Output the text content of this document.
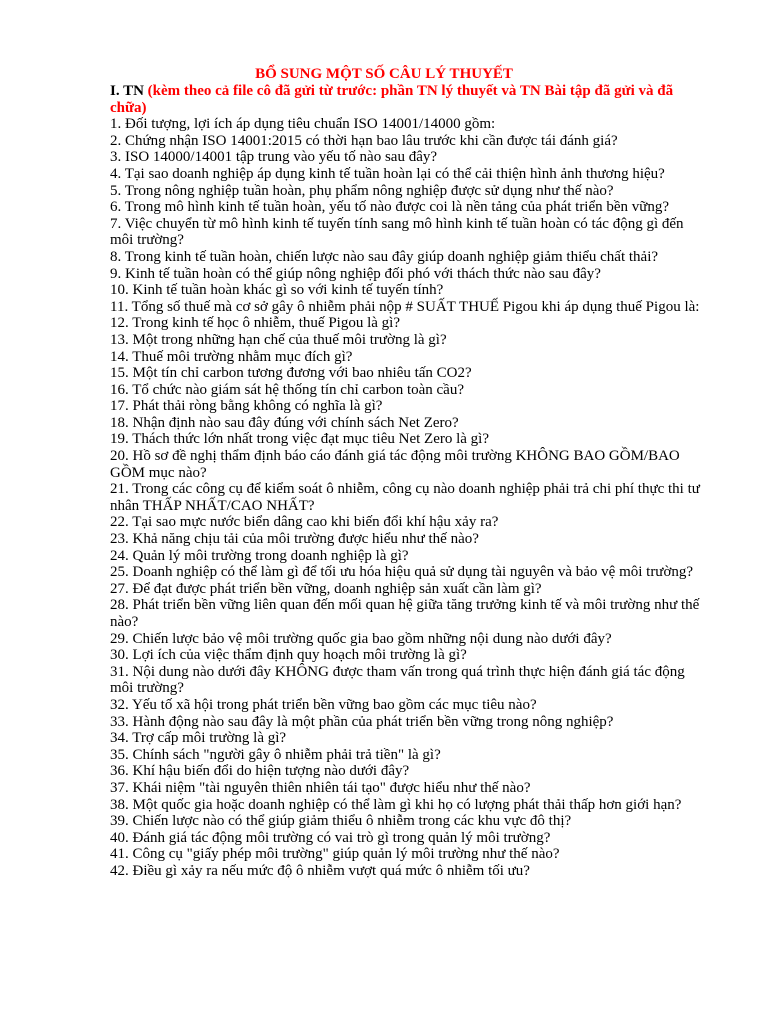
BỔ SUNG MỘT SỐ CÂU LÝ THUYẾT
I. TN (kèm theo cả file cô đã gửi từ trước: phần TN lý thuyết và TN Bài tập đã gửi và đã chữa)

1. Đối tượng, lợi ích áp dụng tiêu chuẩn ISO 14001/14000 gồm:

2. Chứng nhận ISO 14001:2015 có thời hạn bao lâu trước khi cần được tái đánh giá?

3. ISO 14000/14001 tập trung vào yếu tố nào sau đây?

4. Tại sao doanh nghiệp áp dụng kinh tế tuần hoàn lại có thể cải thiện hình ảnh thương hiệu?

5. Trong nông nghiệp tuần hoàn, phụ phẩm nông nghiệp được sử dụng như thế nào?

6. Trong mô hình kinh tế tuần hoàn, yếu tố nào được coi là nền tảng của phát triển bền vững?

7. Việc chuyển từ mô hình kinh tế tuyến tính sang mô hình kinh tế tuần hoàn có tác động gì đến môi trường?

8. Trong kinh tế tuần hoàn, chiến lược nào sau đây giúp doanh nghiệp giảm thiểu chất thải?

9. Kinh tế tuần hoàn có thể giúp nông nghiệp đối phó với thách thức nào sau đây?

10. Kinh tế tuần hoàn khác gì so với kinh tế tuyến tính?

11. Tổng số thuế mà cơ sở gây ô nhiễm phải nộp # SUẤT THUẾ Pigou khi áp dụng thuế Pigou là:

12. Trong kinh tế học ô nhiễm, thuế Pigou là gì?

13. Một trong những hạn chế của thuế môi trường là gì?

14. Thuế môi trường nhằm mục đích gì?

15. Một tín chỉ carbon tương đương với bao nhiêu tấn CO2?

16. Tổ chức nào giám sát hệ thống tín chỉ carbon toàn cầu?

17. Phát thải ròng bằng không có nghĩa là gì?

18. Nhận định nào sau đây đúng với chính sách Net Zero?

19. Thách thức lớn nhất trong việc đạt mục tiêu Net Zero là gì?

20. Hồ sơ đề nghị thẩm định báo cáo đánh giá tác động môi trường KHÔNG BAO GỒM/BAO GỒM mục nào?

21. Trong các công cụ để kiểm soát ô nhiễm, công cụ nào doanh nghiệp phải trả chi phí thực thi tư nhân THẤP NHẤT/CAO NHẤT?

22. Tại sao mực nước biển dâng cao khi biến đổi khí hậu xảy ra?

23. Khả năng chịu tải của môi trường được hiểu như thế nào?

24. Quản lý môi trường trong doanh nghiệp là gì?

25. Doanh nghiệp có thể làm gì để tối ưu hóa hiệu quả sử dụng tài nguyên và bảo vệ môi trường?

27. Để đạt được phát triển bền vững, doanh nghiệp sản xuất cần làm gì?

28. Phát triển bền vững liên quan đến mối quan hệ giữa tăng trưởng kinh tế và môi trường như thế nào?

29. Chiến lược bảo vệ môi trường quốc gia bao gồm những nội dung nào dưới đây?

30. Lợi ích của việc thẩm định quy hoạch môi trường là gì?

31. Nội dung nào dưới đây KHÔNG được tham vấn trong quá trình thực hiện đánh giá tác động môi trường?

32. Yếu tố xã hội trong phát triển bền vững bao gồm các mục tiêu nào?

33. Hành động nào sau đây là một phần của phát triển bền vững trong nông nghiệp?

34. Trợ cấp môi trường là gì?

35. Chính sách "người gây ô nhiễm phải trả tiền" là gì?

36. Khí hậu biến đổi do hiện tượng nào dưới đây?

37. Khái niệm "tài nguyên thiên nhiên tái tạo" được hiểu như thế nào?

38. Một quốc gia hoặc doanh nghiệp có thể làm gì khi họ có lượng phát thải thấp hơn giới hạn?

39. Chiến lược nào có thể giúp giảm thiểu ô nhiễm trong các khu vực đô thị?

40. Đánh giá tác động môi trường có vai trò gì trong quản lý môi trường?

41. Công cụ "giấy phép môi trường" giúp quản lý môi trường như thế nào?

42. Điều gì xảy ra nếu mức độ ô nhiễm vượt quá mức ô nhiễm tối ưu?
